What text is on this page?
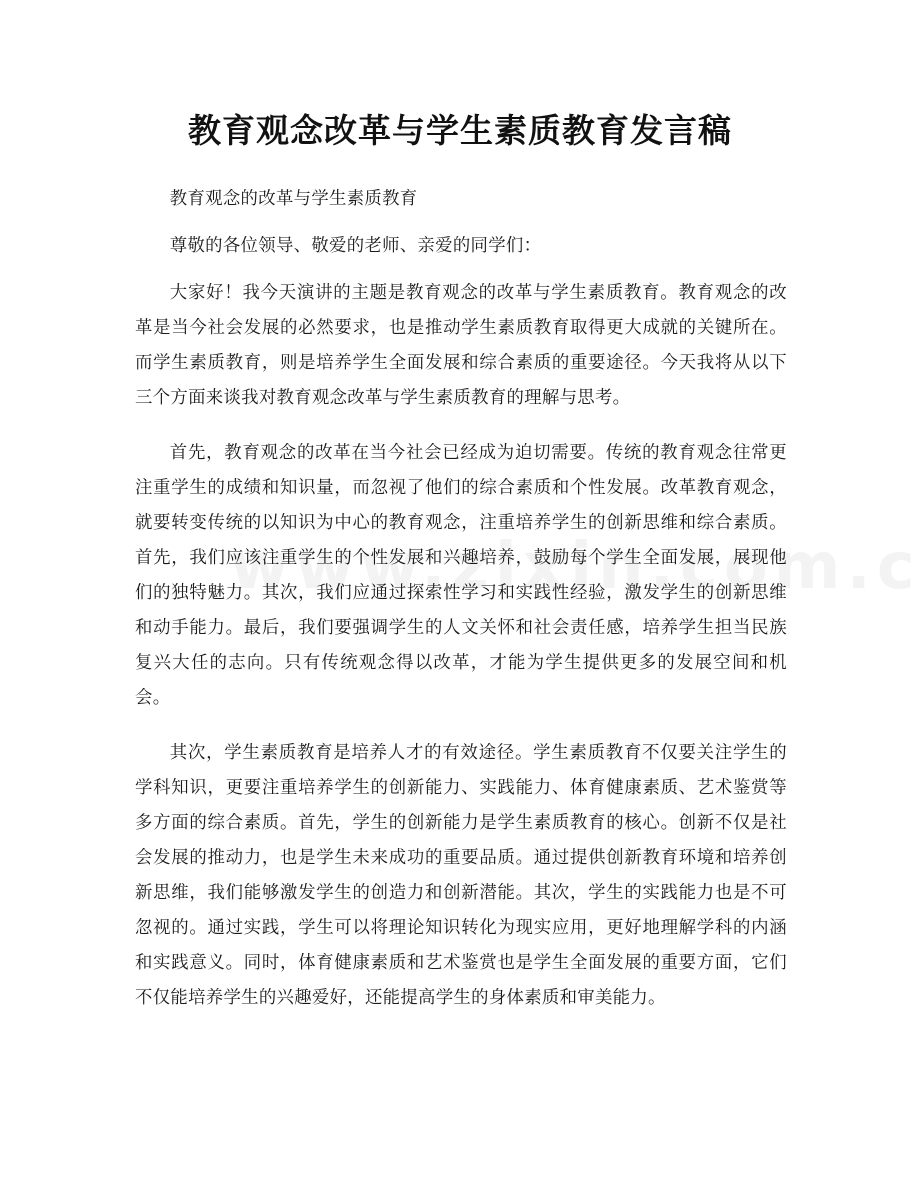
教育观念改革与学生素质教育发言稿

教育观念的改革与学生素质教育

尊敬的各位领导、敬爱的老师、亲爱的同学们：

大家好！我今天演讲的主题是教育观念的改革与学生素质教育。教育观念的改革是当今社会发展的必然要求，也是推动学生素质教育取得更大成就的关键所在。而学生素质教育，则是培养学生全面发展和综合素质的重要途径。今天我将从以下三个方面来谈我对教育观念改革与学生素质教育的理解与思考。

首先，教育观念的改革在当今社会已经成为迫切需要。传统的教育观念往常更注重学生的成绩和知识量，而忽视了他们的综合素质和个性发展。改革教育观念，就要转变传统的以知识为中心的教育观念，注重培养学生的创新思维和综合素质。首先，我们应该注重学生的个性发展和兴趣培养，鼓励每个学生全面发展，展现他们的独特魅力。其次，我们应通过探索性学习和实践性经验，激发学生的创新思维和动手能力。最后，我们要强调学生的人文关怀和社会责任感，培养学生担当民族复兴大任的志向。只有传统观念得以改革，才能为学生提供更多的发展空间和机会。

其次，学生素质教育是培养人才的有效途径。学生素质教育不仅要关注学生的学科知识，更要注重培养学生的创新能力、实践能力、体育健康素质、艺术鉴赏等多方面的综合素质。首先，学生的创新能力是学生素质教育的核心。创新不仅是社会发展的推动力，也是学生未来成功的重要品质。通过提供创新教育环境和培养创新思维，我们能够激发学生的创造力和创新潜能。其次，学生的实践能力也是不可忽视的。通过实践，学生可以将理论知识转化为现实应用，更好地理解学科的内涵和实践意义。同时，体育健康素质和艺术鉴赏也是学生全面发展的重要方面，它们不仅能培养学生的兴趣爱好，还能提高学生的身体素质和审美能力。
